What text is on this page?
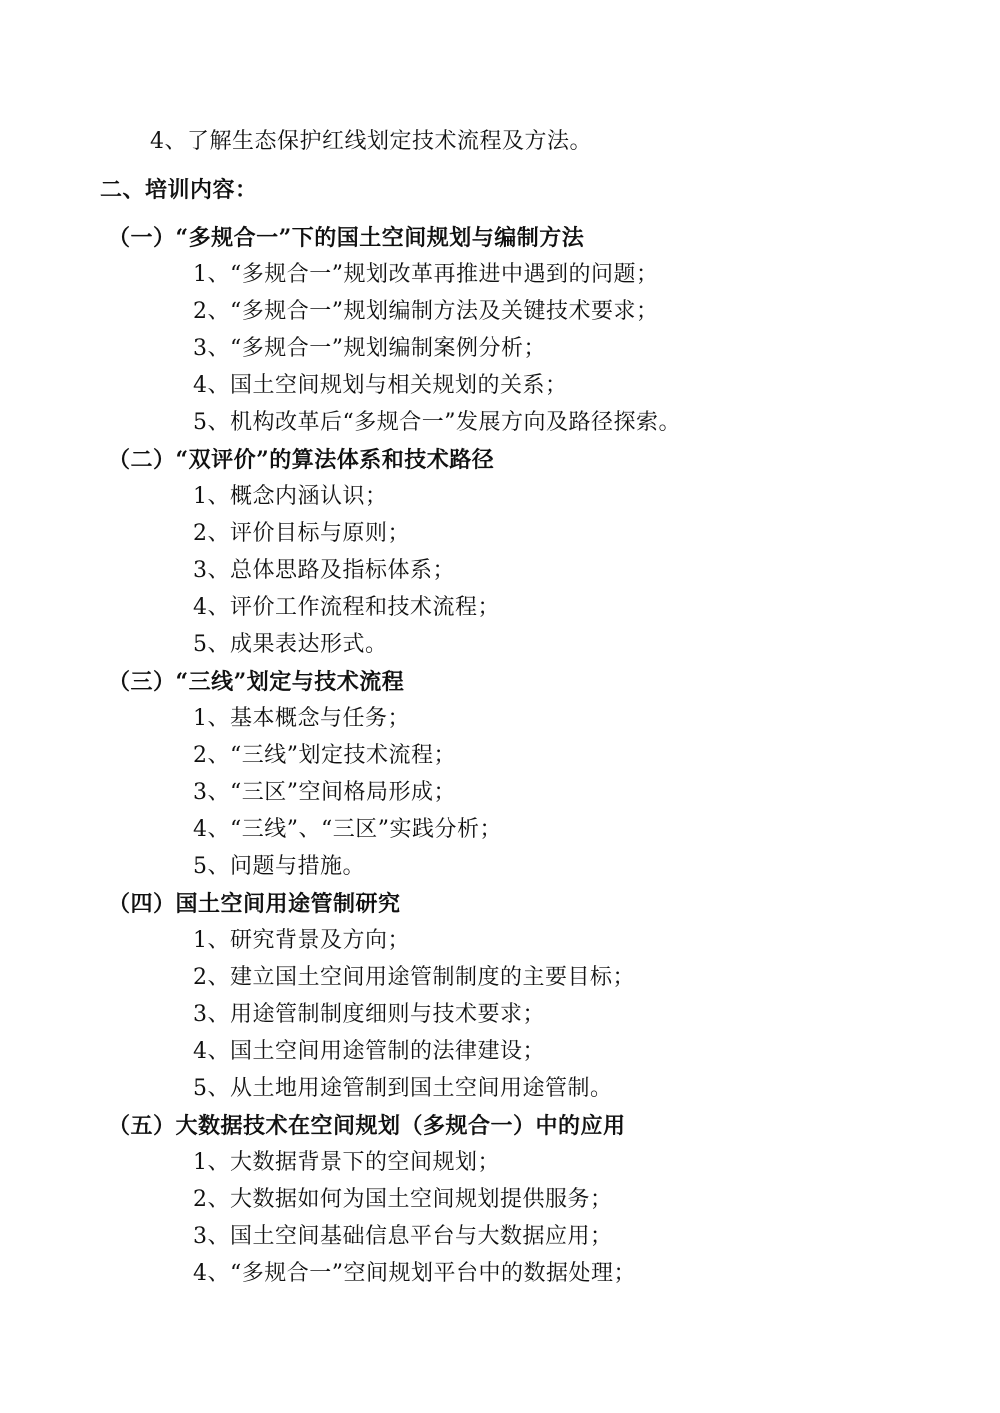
4、了解生态保护红线划定技术流程及方法。
二、培训内容：
（一）“多规合一”下的国土空间规划与编制方法
1、“多规合一”规划改革再推进中遇到的问题；
2、“多规合一”规划编制方法及关键技术要求；
3、“多规合一”规划编制案例分析；
4、国土空间规划与相关规划的关系；
5、机构改革后“多规合一”发展方向及路径探索。
（二）“双评价”的算法体系和技术路径
1、概念内涵认识；
2、评价目标与原则；
3、总体思路及指标体系；
4、评价工作流程和技术流程；
5、成果表达形式。
（三）“三线”划定与技术流程
1、基本概念与任务；
2、“三线”划定技术流程；
3、“三区”空间格局形成；
4、“三线”、“三区”实践分析；
5、问题与措施。
（四）国土空间用途管制研究
1、研究背景及方向；
2、建立国土空间用途管制制度的主要目标；
3、用途管制制度细则与技术要求；
4、国土空间用途管制的法律建设；
5、从土地用途管制到国土空间用途管制。
（五）大数据技术在空间规划（多规合一）中的应用
1、大数据背景下的空间规划；
2、大数据如何为国土空间规划提供服务；
3、国土空间基础信息平台与大数据应用；
4、“多规合一”空间规划平台中的数据处理；
